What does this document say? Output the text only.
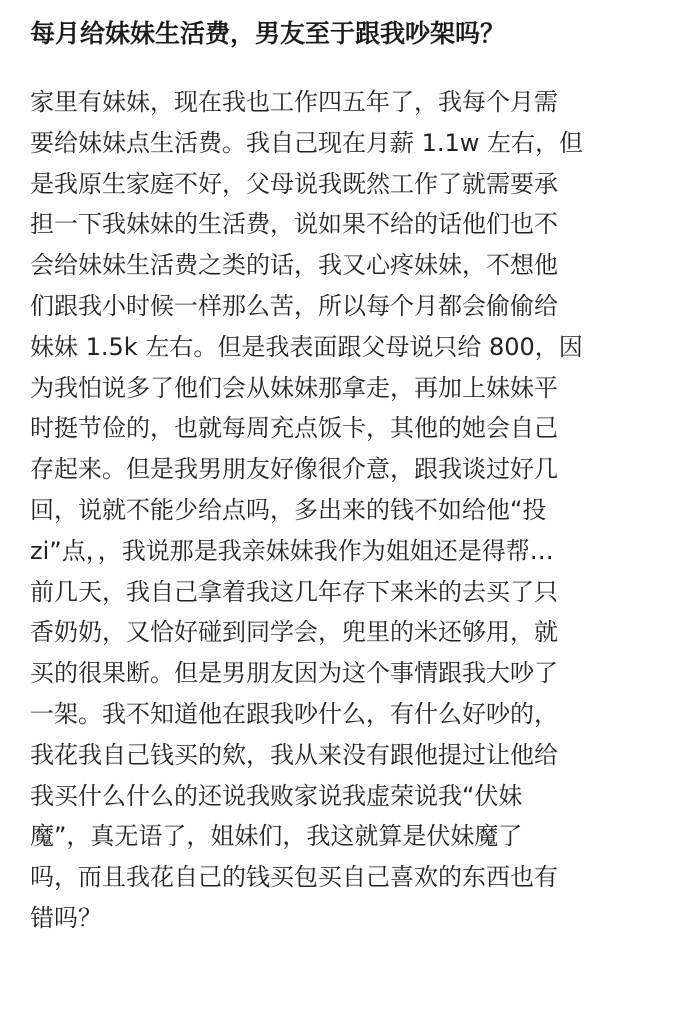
每月给妹妹生活费，男友至于跟我吵架吗？
家里有妹妹，现在我也工作四五年了，我每个月需
要给妹妹点生活费。我自己现在月薪 1.1w 左右，但
是我原生家庭不好，父母说我既然工作了就需要承
担一下我妹妹的生活费，说如果不给的话他们也不
会给妹妹生活费之类的话，我又心疼妹妹，不想他
们跟我小时候一样那么苦，所以每个月都会偷偷给
妹妹 1.5k 左右。但是我表面跟父母说只给 800，因
为我怕说多了他们会从妹妹那拿走，再加上妹妹平
时挺节俭的，也就每周充点饭卡，其他的她会自己
存起来。但是我男朋友好像很介意，跟我谈过好几
回，说就不能少给点吗，多出来的钱不如给他“投
zi”点，，我说那是我亲妹妹我作为姐姐还是得帮…
前几天，我自己拿着我这几年存下来米的去买了只
香奶奶，又恰好碰到同学会，兜里的米还够用，就
买的很果断。但是男朋友因为这个事情跟我大吵了
一架。我不知道他在跟我吵什么，有什么好吵的，
我花我自己钱买的欸，我从来没有跟他提过让他给
我买什么什么的还说我败家说我虚荣说我“伏妹
魔”，真无语了，姐妹们，我这就算是伏妹魔了
吗，而且我花自己的钱买包买自己喜欢的东西也有
错吗？
